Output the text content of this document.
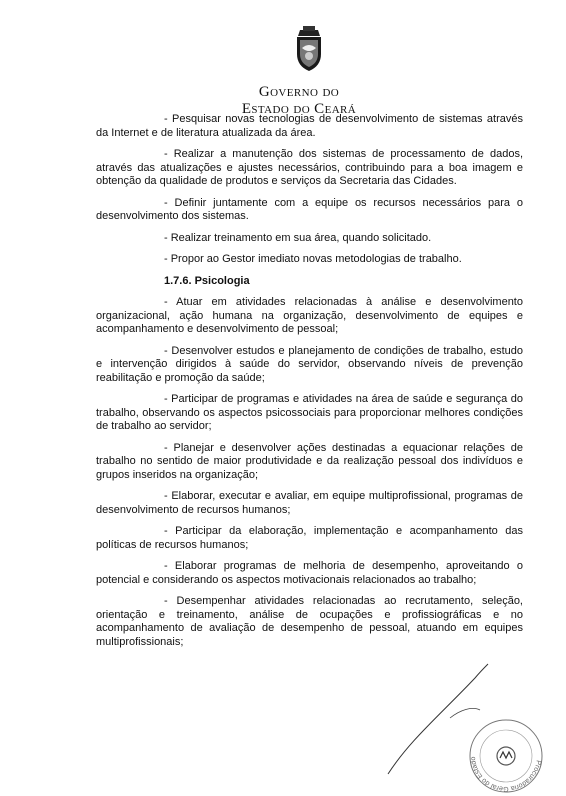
Governo do
Estado do Ceará

- Pesquisar novas tecnologias de desenvolvimento de sistemas através da Internet e de literatura atualizada da área.

- Realizar a manutenção dos sistemas de processamento de dados, através das atualizações e ajustes necessários, contribuindo para a boa imagem e obtenção da qualidade de produtos e serviços da Secretaria das Cidades.

- Definir juntamente com a equipe os recursos necessários para o desenvolvimento dos sistemas.

- Realizar treinamento em sua área, quando solicitado.

- Propor ao Gestor imediato novas metodologias de trabalho.

1.7.6. Psicologia

- Atuar em atividades relacionadas à análise e desenvolvimento organizacional, ação humana na organização, desenvolvimento de equipes e acompanhamento e desenvolvimento de pessoal;

- Desenvolver estudos e planejamento de condições de trabalho, estudo e intervenção dirigidos à saúde do servidor, observando níveis de prevenção reabilitação e promoção da saúde;

- Participar de programas e atividades na área de saúde e segurança do trabalho, observando os aspectos psicossociais para proporcionar melhores condições de trabalho ao servidor;

- Planejar e desenvolver ações destinadas a equacionar relações de trabalho no sentido de maior produtividade e da realização pessoal dos indivíduos e grupos inseridos na organização;

- Elaborar, executar e avaliar, em equipe multiprofissional, programas de desenvolvimento de recursos humanos;

- Participar da elaboração, implementação e acompanhamento das políticas de recursos humanos;

- Elaborar programas de melhoria de desempenho, aproveitando o potencial e considerando os aspectos motivacionais relacionados ao trabalho;

- Desempenhar atividades relacionadas ao recrutamento, seleção, orientação e treinamento, análise de ocupações e profissiográficas e no acompanhamento de avaliação de desempenho de pessoal, atuando em equipes multiprofissionais;

Procuradoria Geral do Estado
